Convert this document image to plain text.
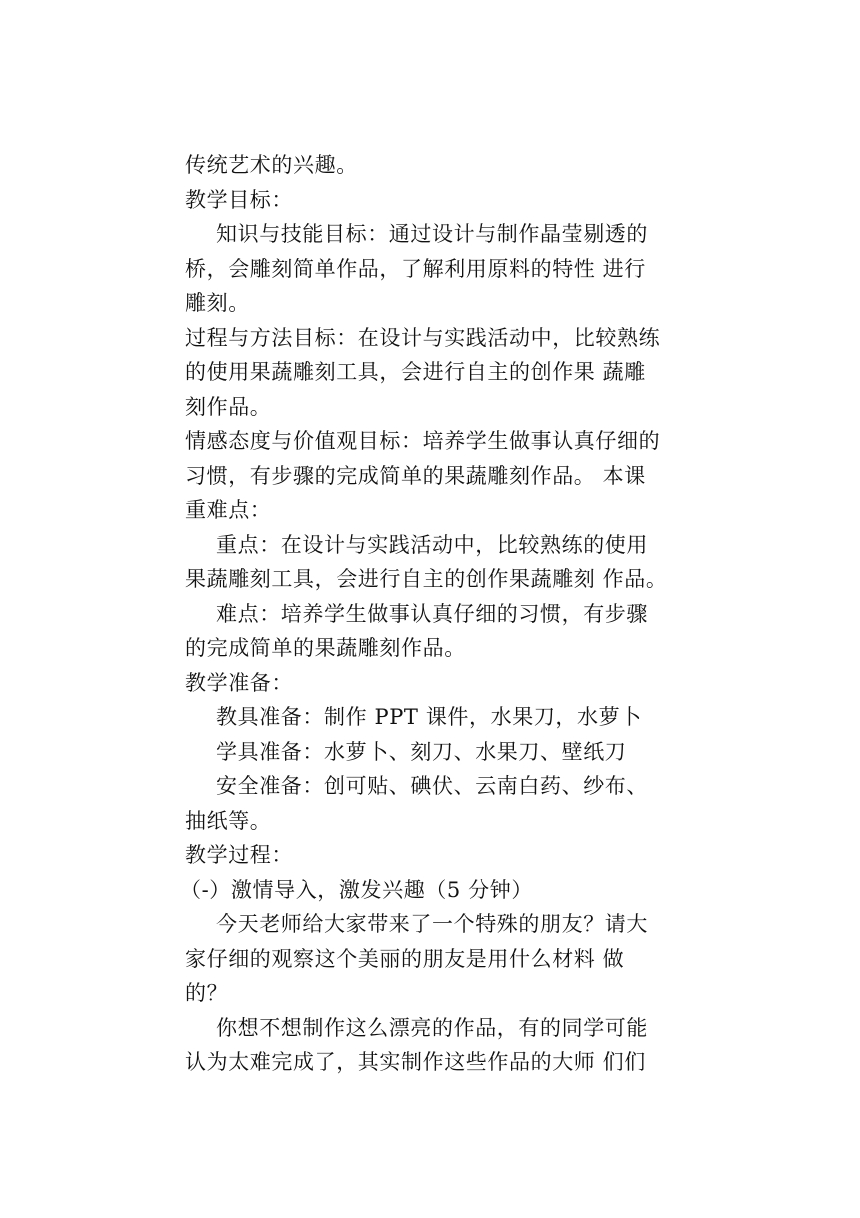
传统艺术的兴趣。
教学目标：
知识与技能目标：通过设计与制作晶莹剔透的
桥，会雕刻简单作品，了解利用原料的特性 进行
雕刻。
过程与方法目标：在设计与实践活动中，比较熟练
的使用果蔬雕刻工具，会进行自主的创作果 蔬雕
刻作品。
情感态度与价值观目标：培养学生做事认真仔细的
习惯，有步骤的完成简单的果蔬雕刻作品。 本课
重难点：
重点：在设计与实践活动中，比较熟练的使用
果蔬雕刻工具，会进行自主的创作果蔬雕刻 作品。
难点：培养学生做事认真仔细的习惯，有步骤
的完成简单的果蔬雕刻作品。
教学准备：
教具准备：制作 PPT 课件，水果刀，水萝卜
学具准备：水萝卜、刻刀、水果刀、壁纸刀
安全准备：创可贴、碘伏、云南白药、纱布、
抽纸等。
教学过程：
（-）激情导入，激发兴趣（5 分钟）
今天老师给大家带来了一个特殊的朋友？请大
家仔细的观察这个美丽的朋友是用什么材料 做
的？
你想不想制作这么漂亮的作品，有的同学可能
认为太难完成了，其实制作这些作品的大师 们们
